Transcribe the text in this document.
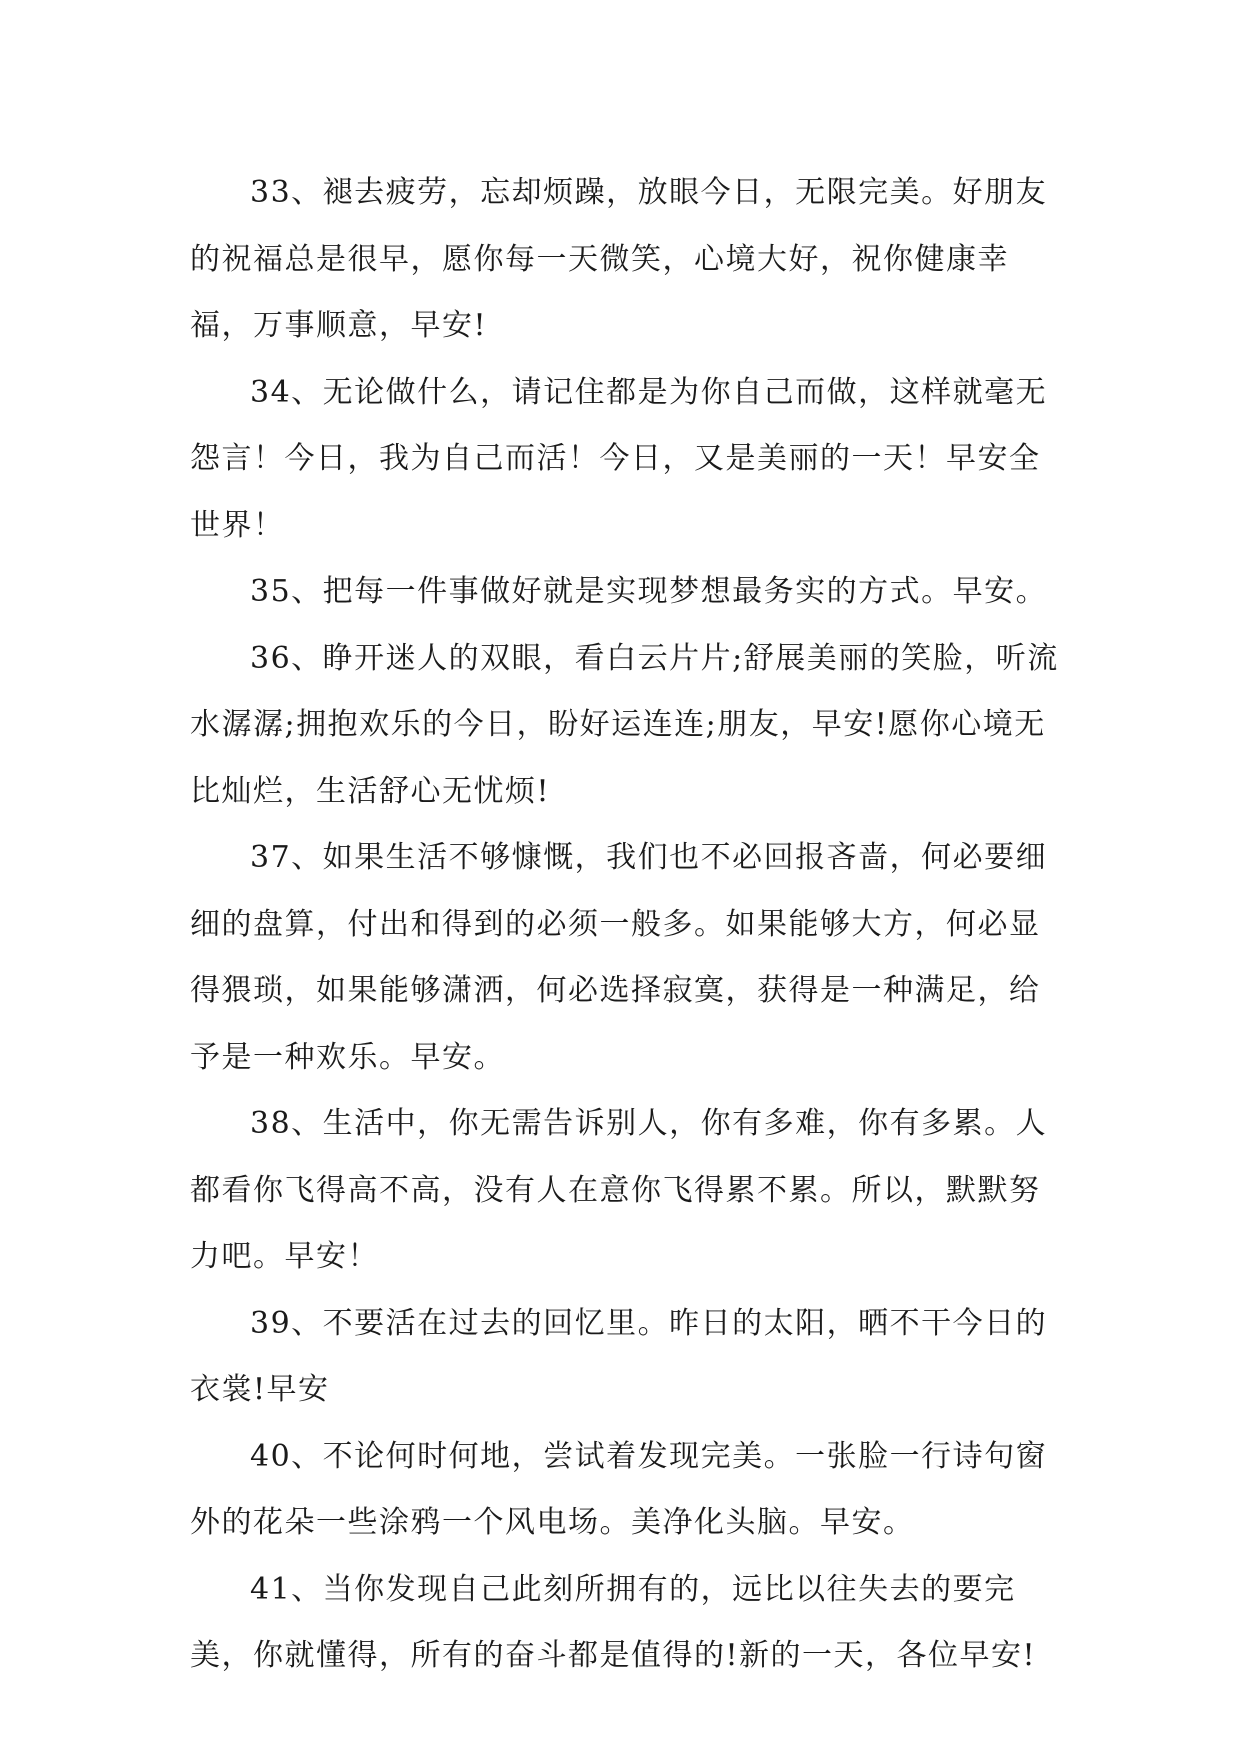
33、褪去疲劳，忘却烦躁，放眼今日，无限完美。好朋友的祝福总是很早，愿你每一天微笑，心境大好，祝你健康幸福，万事顺意，早安!

34、无论做什么，请记住都是为你自己而做，这样就毫无怨言！今日，我为自己而活！今日，又是美丽的一天！早安全世界！

35、把每一件事做好就是实现梦想最务实的方式。早安。

36、睁开迷人的双眼，看白云片片;舒展美丽的笑脸，听流水潺潺;拥抱欢乐的今日，盼好运连连;朋友，早安!愿你心境无比灿烂，生活舒心无忧烦!

37、如果生活不够慷慨，我们也不必回报吝啬，何必要细细的盘算，付出和得到的必须一般多。如果能够大方，何必显得猥琐，如果能够潇洒，何必选择寂寞，获得是一种满足，给予是一种欢乐。早安。

38、生活中，你无需告诉别人，你有多难，你有多累。人都看你飞得高不高，没有人在意你飞得累不累。所以，默默努力吧。早安！

39、不要活在过去的回忆里。昨日的太阳，晒不干今日的衣裳!早安

40、不论何时何地，尝试着发现完美。一张脸一行诗句窗外的花朵一些涂鸦一个风电场。美净化头脑。早安。

41、当你发现自己此刻所拥有的，远比以往失去的要完美，你就懂得，所有的奋斗都是值得的!新的一天，各位早安!
